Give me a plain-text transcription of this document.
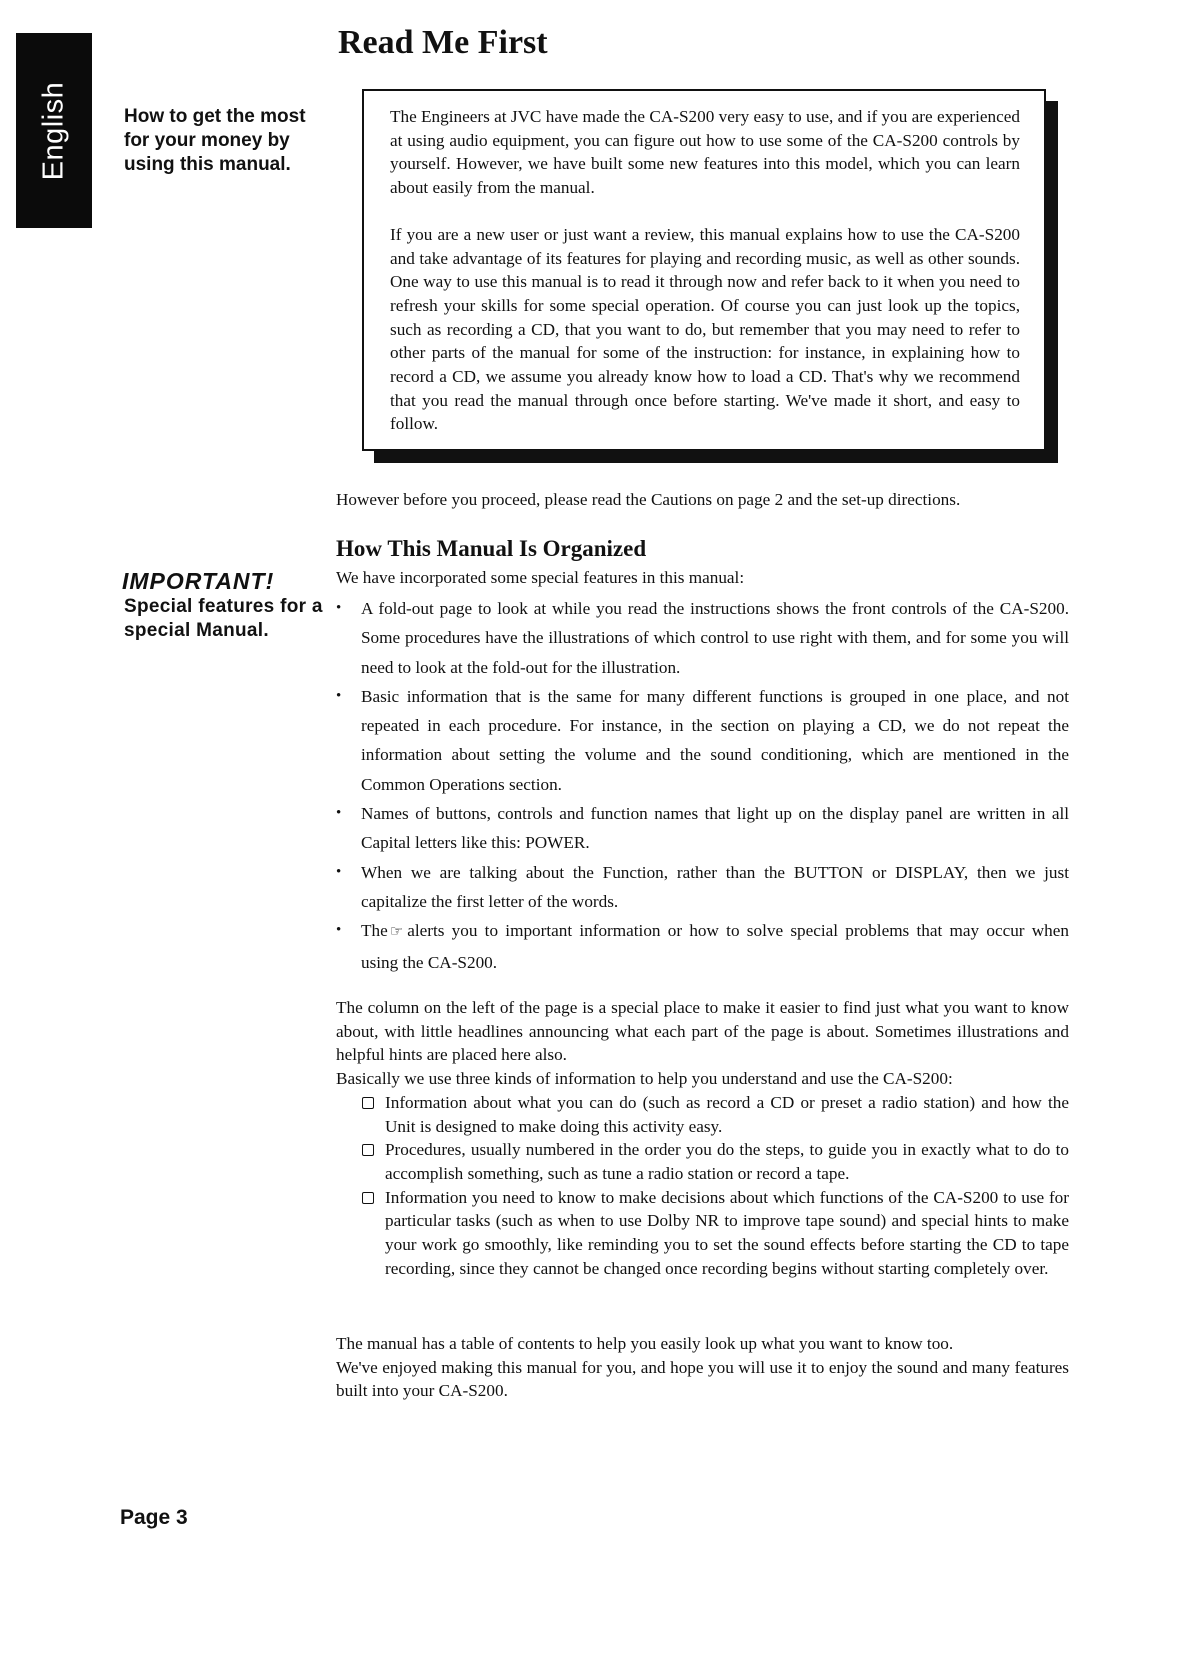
English
Read Me First
How to get the most for your money by using this manual.
IMPORTANT!
Special features for a special Manual.

The Engineers at JVC have made the CA-S200 very easy to use, and if you are experienced at using audio equipment, you can figure out how to use some of the CA-S200 controls by yourself. However, we have built some new features into this model, which you can learn about easily from the manual.

If you are a new user or just want a review, this manual explains how to use the CA-S200 and take advantage of its features for playing and recording music, as well as other sounds. One way to use this manual is to read it through now and refer back to it when you need to refresh your skills for some special operation. Of course you can just look up the topics, such as recording a CD, that you want to do, but remember that you may need to refer to other parts of the manual for some of the instruction: for instance, in explaining how to record a CD, we assume you already know how to load a CD. That's why we recommend that you read the manual through once before starting. We've made it short, and easy to follow.

However before you proceed, please read the Cautions on page 2 and the set-up directions.

How This Manual Is Organized

We have incorporated some special features in this manual:

• A fold-out page to look at while you read the instructions shows the front controls of the CA-S200. Some procedures have the illustrations of which control to use right with them, and for some you will need to look at the fold-out for the illustration.
• Basic information that is the same for many different functions is grouped in one place, and not repeated in each procedure. For instance, in the section on playing a CD, we do not repeat the information about setting the volume and the sound conditioning, which are mentioned in the Common Operations section.
• Names of buttons, controls and function names that light up on the display panel are written in all Capital letters like this: POWER.
• When we are talking about the Function, rather than the BUTTON or DISPLAY, then we just capitalize the first letter of the words.
• The ☞ alerts you to important information or how to solve special problems that may occur when using the CA-S200.

The column on the left of the page is a special place to make it easier to find just what you want to know about, with little headlines announcing what each part of the page is about. Sometimes illustrations and helpful hints are placed here also.

Basically we use three kinds of information to help you understand and use the CA-S200:

Information about what you can do (such as record a CD or preset a radio station) and how the Unit is designed to make doing this activity easy.
Procedures, usually numbered in the order you do the steps, to guide you in exactly what to do to accomplish something, such as tune a radio station or record a tape.
Information you need to know to make decisions about which functions of the CA-S200 to use for particular tasks (such as when to use Dolby NR to improve tape sound) and special hints to make your work go smoothly, like reminding you to set the sound effects before starting the CD to tape recording, since they cannot be changed once recording begins without starting completely over.

The manual has a table of contents to help you easily look up what you want to know too.

We've enjoyed making this manual for you, and hope you will use it to enjoy the sound and many features built into your CA-S200.

Page 3
